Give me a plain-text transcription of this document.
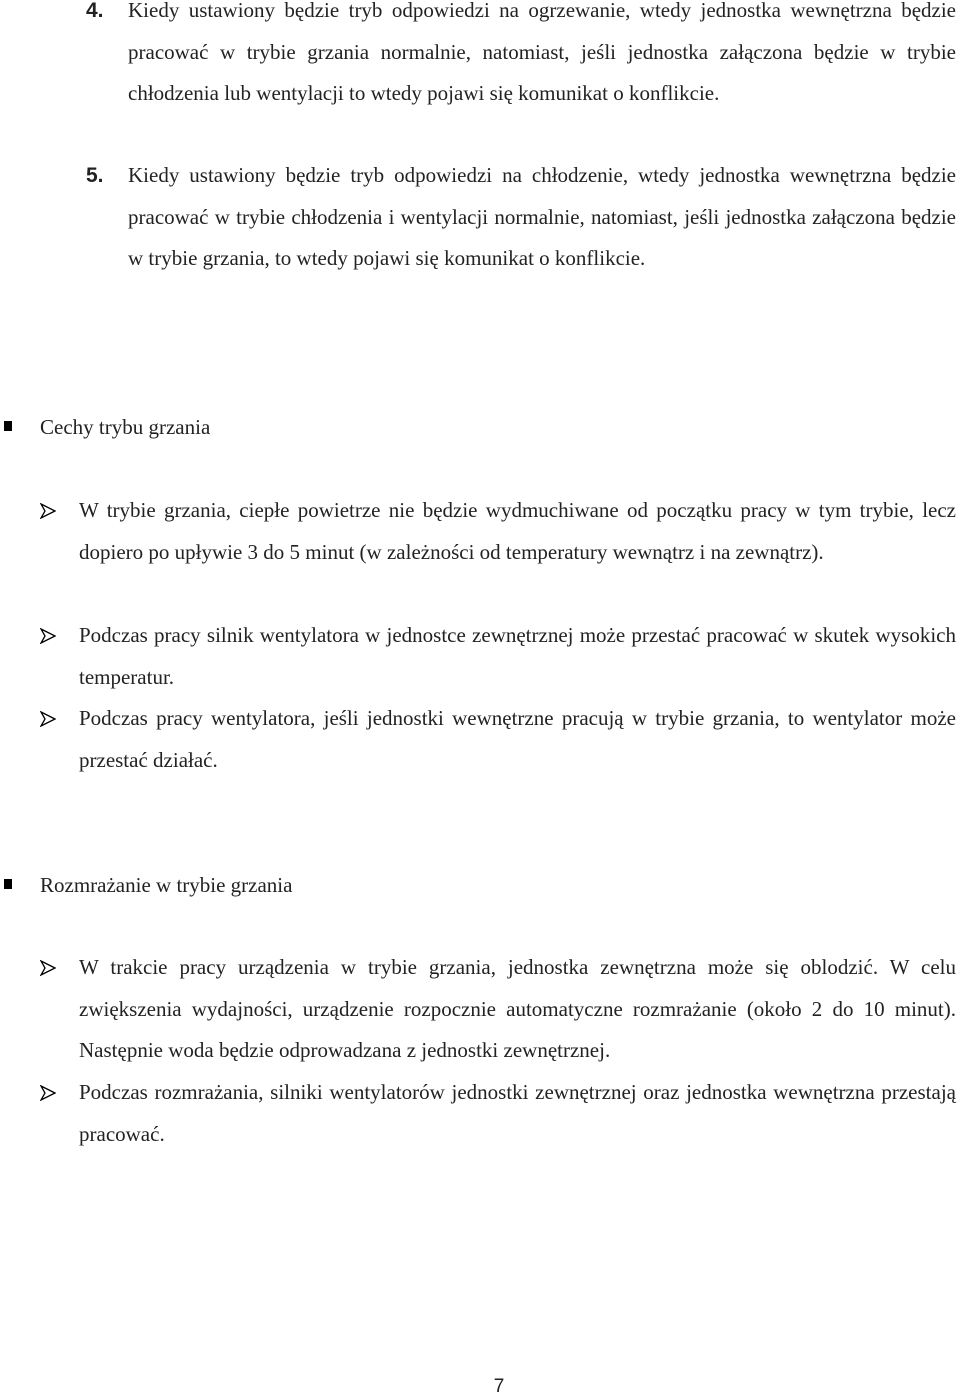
4. Kiedy ustawiony będzie tryb odpowiedzi na ogrzewanie, wtedy jednostka wewnętrzna będzie pracować w trybie grzania normalnie, natomiast, jeśli jednostka załączona będzie w trybie chłodzenia lub wentylacji to wtedy pojawi się komunikat o konflikcie.
5. Kiedy ustawiony będzie tryb odpowiedzi na chłodzenie, wtedy jednostka wewnętrzna będzie pracować w trybie chłodzenia i wentylacji normalnie, natomiast, jeśli jednostka załączona będzie w trybie grzania, to wtedy pojawi się komunikat o konflikcie.
Cechy trybu grzania
W trybie grzania, ciepłe powietrze nie będzie wydmuchiwane od początku pracy w tym trybie, lecz dopiero po upływie 3 do 5 minut (w zależności od temperatury wewnątrz i na zewnątrz).
Podczas pracy silnik wentylatora w jednostce zewnętrznej może przestać pracować w skutek wysokich temperatur.
Podczas pracy wentylatora, jeśli jednostki wewnętrzne pracują w trybie grzania, to wentylator może przestać działać.
Rozmrażanie w trybie grzania
W trakcie pracy urządzenia w trybie grzania, jednostka zewnętrzna może się oblodzić. W celu zwiększenia wydajności, urządzenie rozpocznie automatyczne rozmrażanie (około 2 do 10 minut). Następnie woda będzie odprowadzana z jednostki zewnętrznej.
Podczas rozmrażania, silniki wentylatorów jednostki zewnętrznej oraz jednostka wewnętrzna przestają pracować.
7
